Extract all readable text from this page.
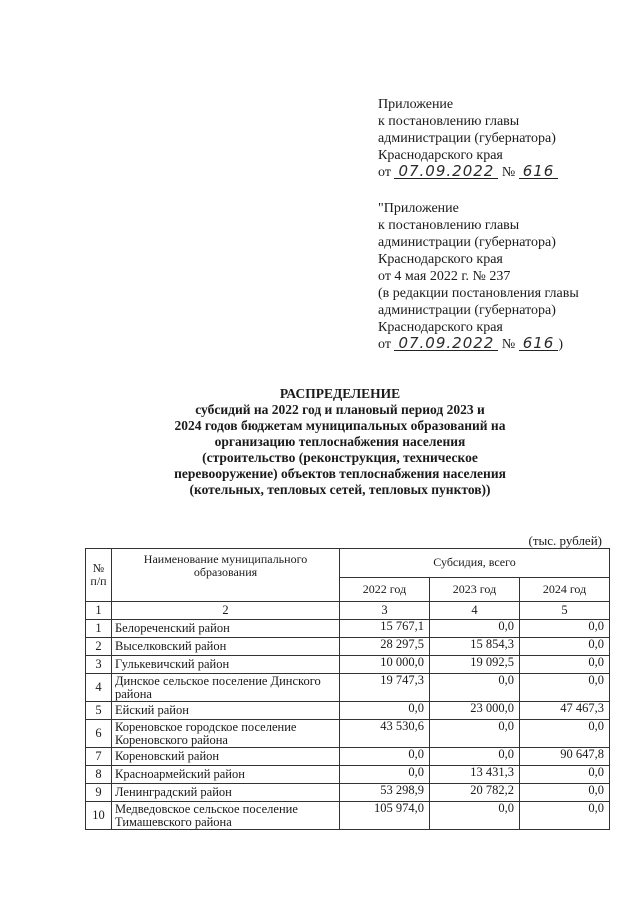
Приложение
к постановлению главы
администрации (губернатора)
Краснодарского края
от 07.09.2022 № 616
"Приложение
к постановлению главы
администрации (губернатора)
Краснодарского края
от 4 мая 2022 г. № 237
(в редакции постановления главы
администрации (губернатора)
Краснодарского края
от 07.09.2022 № 616 )
РАСПРЕДЕЛЕНИЕ
субсидий на 2022 год и плановый период 2023 и
2024 годов бюджетам муниципальных образований на
организацию теплоснабжения населения
(строительство (реконструкция, техническое
перевооружение) объектов теплоснабжения населения
(котельных, тепловых сетей, тепловых пунктов))
(тыс. рублей)
№ п/п	Наименование муниципального образования	Субсидия, всего		
		2022 год	2023 год	2024 год
1	2	3	4	5
1	Белореченский район	15 767,1	0,0	0,0
2	Выселковский район	28 297,5	15 854,3	0,0
3	Гулькевичский район	10 000,0	19 092,5	0,0
4	Динское сельское поселение Динского района	19 747,3	0,0	0,0
5	Ейский район	0,0	23 000,0	47 467,3
6	Кореновское городское поселение Кореновского района	43 530,6	0,0	0,0
7	Кореновский район	0,0	0,0	90 647,8
8	Красноармейский район	0,0	13 431,3	0,0
9	Ленинградский район	53 298,9	20 782,2	0,0
10	Медведовское сельское поселение Тимашевского района	105 974,0	0,0	0,0
